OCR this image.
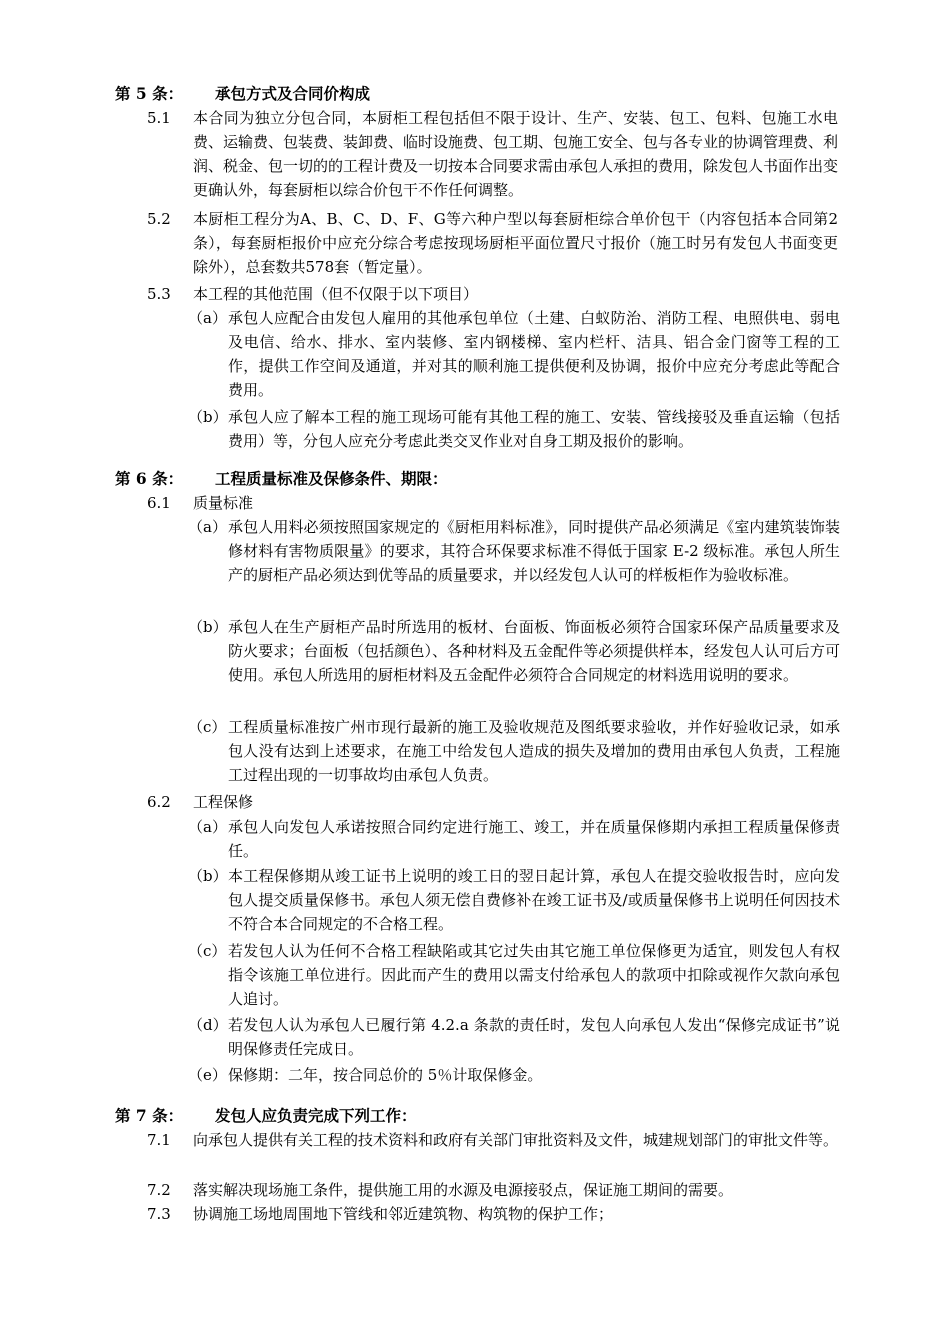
第 5 条： 承包方式及合同价构成
5.1 本合同为独立分包合同，本厨柜工程包括但不限于设计、生产、安装、包工、包料、包施工水电费、运输费、包装费、装卸费、临时设施费、包工期、包施工安全、包与各专业的协调管理费、利润、税金、包一切的的工程计费及一切按本合同要求需由承包人承担的费用，除发包人书面作出变更确认外，每套厨柜以综合价包干不作任何调整。
5.2 本厨柜工程分为A、B、C、D、F、G等六种户型以每套厨柜综合单价包干（内容包括本合同第2条），每套厨柜报价中应充分综合考虑按现场厨柜平面位置尺寸报价（施工时另有发包人书面变更除外），总套数共578套（暂定量）。
5.3 本工程的其他范围（但不仅限于以下项目）
（a） 承包人应配合由发包人雇用的其他承包单位（土建、白蚁防治、消防工程、电照供电、弱电及电信、给水、排水、室内装修、室内钢楼梯、室内栏杆、洁具、铝合金门窗等工程的工作，提供工作空间及通道，并对其的顺利施工提供便利及协调，报价中应充分考虑此等配合费用。
（b） 承包人应了解本工程的施工现场可能有其他工程的施工、安装、管线接驳及垂直运输（包括费用）等，分包人应充分考虑此类交叉作业对自身工期及报价的影响。
第 6 条： 工程质量标准及保修条件、期限：
6.1 质量标准
（a） 承包人用料必须按照国家规定的《厨柜用料标准》，同时提供产品必须满足《室内建筑装饰装修材料有害物质限量》的要求，其符合环保要求标准不得低于国家 E-2 级标准。承包人所生产的厨柜产品必须达到优等品的质量要求，并以经发包人认可的样板柜作为验收标准。
（b） 承包人在生产厨柜产品时所选用的板材、台面板、饰面板必须符合国家环保产品质量要求及防火要求；台面板（包括颜色）、各种材料及五金配件等必须提供样本，经发包人认可后方可使用。承包人所选用的厨柜材料及五金配件必须符合合同规定的材料选用说明的要求。
（c） 工程质量标准按广州市现行最新的施工及验收规范及图纸要求验收，并作好验收记录，如承包人没有达到上述要求，在施工中给发包人造成的损失及增加的费用由承包人负责，工程施工过程出现的一切事故均由承包人负责。
6.2 工程保修
（a） 承包人向发包人承诺按照合同约定进行施工、竣工，并在质量保修期内承担工程质量保修责任。
（b） 本工程保修期从竣工证书上说明的竣工日的翌日起计算，承包人在提交验收报告时，应向发包人提交质量保修书。承包人须无偿自费修补在竣工证书及/或质量保修书上说明任何因技术不符合本合同规定的不合格工程。
（c） 若发包人认为任何不合格工程缺陷或其它过失由其它施工单位保修更为适宜，则发包人有权指令该施工单位进行。因此而产生的费用以需支付给承包人的款项中扣除或视作欠款向承包人追讨。
（d） 若发包人认为承包人已履行第 4.2.a 条款的责任时，发包人向承包人发出“保修完成证书”说明保修责任完成日。
（e） 保修期：二年，按合同总价的 5％计取保修金。
第 7 条： 发包人应负责完成下列工作：
7.1 向承包人提供有关工程的技术资料和政府有关部门审批资料及文件，城建规划部门的审批文件等。
7.2 落实解决现场施工条件，提供施工用的水源及电源接驳点，保证施工期间的需要。
7.3 协调施工场地周围地下管线和邻近建筑物、构筑物的保护工作；
